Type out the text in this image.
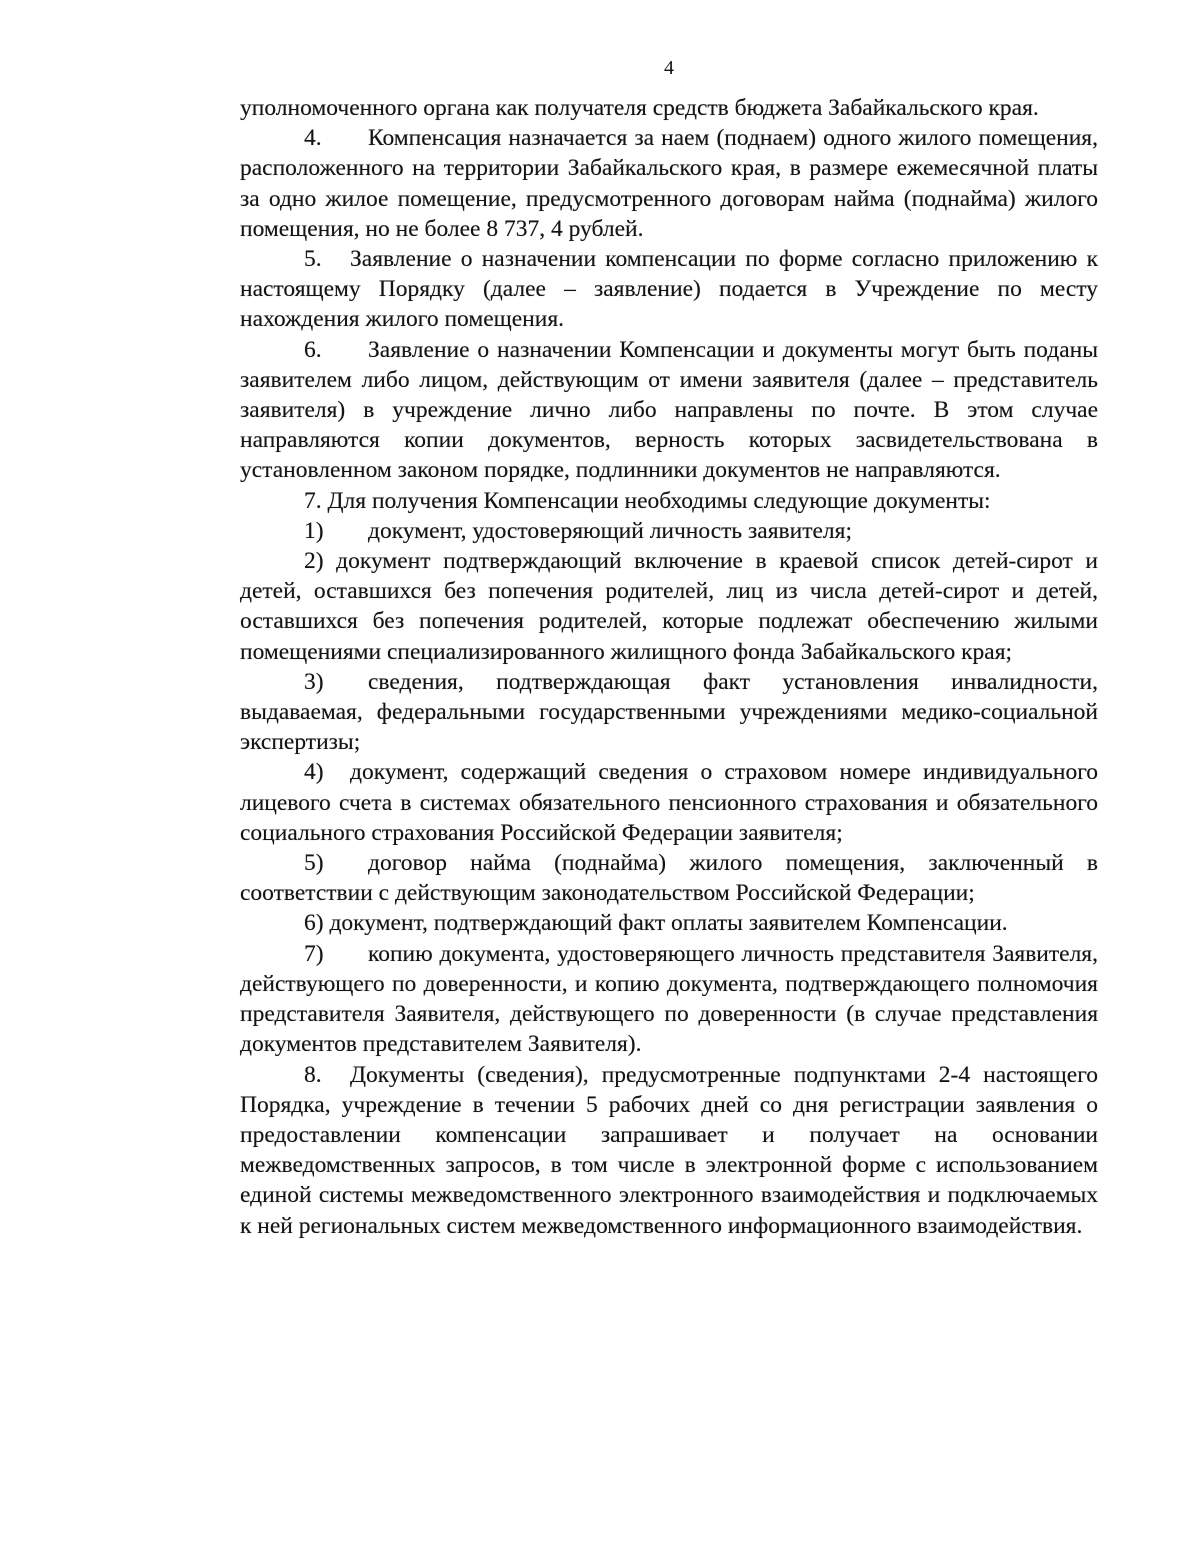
4

уполномоченного органа как получателя средств бюджета Забайкальского края.

4. Компенсация назначается за наем (поднаем) одного жилого помещения, расположенного на территории Забайкальского края, в размере ежемесячной платы за одно жилое помещение, предусмотренного договорам найма (поднайма) жилого помещения, но не более 8 737, 4 рублей.

5. Заявление о назначении компенсации по форме согласно приложению к настоящему Порядку (далее – заявление) подается в Учреждение по месту нахождения жилого помещения.

6. Заявление о назначении Компенсации и документы могут быть поданы заявителем либо лицом, действующим от имени заявителя (далее – представитель заявителя) в учреждение лично либо направлены по почте. В этом случае направляются копии документов, верность которых засвидетельствована в установленном законом порядке, подлинники документов не направляются.

7. Для получения Компенсации необходимы следующие документы:

1) документ, удостоверяющий личность заявителя;

2) документ подтверждающий включение в краевой список детей-сирот и детей, оставшихся без попечения родителей, лиц из числа детей-сирот и детей, оставшихся без попечения родителей, которые подлежат обеспечению жилыми помещениями специализированного жилищного фонда Забайкальского края;

3) сведения, подтверждающая факт установления инвалидности, выдаваемая, федеральными государственными учреждениями медико-социальной экспертизы;

4) документ, содержащий сведения о страховом номере индивидуального лицевого счета в системах обязательного пенсионного страхования и обязательного социального страхования Российской Федерации заявителя;

5) договор найма (поднайма) жилого помещения, заключенный в соответствии с действующим законодательством Российской Федерации;

6) документ, подтверждающий факт оплаты заявителем Компенсации.

7) копию документа, удостоверяющего личность представителя Заявителя, действующего по доверенности, и копию документа, подтверждающего полномочия представителя Заявителя, действующего по доверенности (в случае представления документов представителем Заявителя).

8. Документы (сведения), предусмотренные подпунктами 2-4 настоящего Порядка, учреждение в течении 5 рабочих дней со дня регистрации заявления о предоставлении компенсации запрашивает и получает на основании межведомственных запросов, в том числе в электронной форме с использованием единой системы межведомственного электронного взаимодействия и подключаемых к ней региональных систем межведомственного информационного взаимодействия.
